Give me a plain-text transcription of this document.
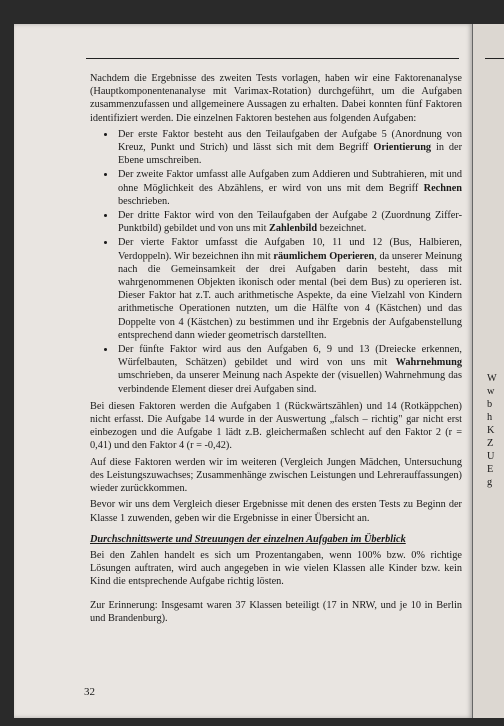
Nachdem die Ergebnisse des zweiten Tests vorlagen, haben wir eine Faktorenanalyse (Hauptkomponentenanalyse mit Varimax-Rotation) durchgeführt, um die Aufgaben zusammenzufassen und allgemeinere Aussagen zu erhalten. Dabei konnten fünf Faktoren identifiziert werden. Die einzelnen Faktoren bestehen aus folgenden Aufgaben:

• Der erste Faktor besteht aus den Teilaufgaben der Aufgabe 5 (Anordnung von Kreuz, Punkt und Strich) und lässt sich mit dem Begriff Orientierung in der Ebene umschreiben.
• Der zweite Faktor umfasst alle Aufgaben zum Addieren und Subtrahieren, mit und ohne Möglichkeit des Abzählens, er wird von uns mit dem Begriff Rechnen beschrieben.
• Der dritte Faktor wird von den Teilaufgaben der Aufgabe 2 (Zuordnung Ziffer-Punktbild) gebildet und von uns mit Zahlenbild bezeichnet.
• Der vierte Faktor umfasst die Aufgaben 10, 11 und 12 (Bus, Halbieren, Verdoppeln). Wir bezeichnen ihn mit räumlichem Operieren, da unserer Meinung nach die Gemeinsamkeit der drei Aufgaben darin besteht, dass mit wahrgenommenen Objekten ikonisch oder mental (bei dem Bus) zu operieren ist. Dieser Faktor hat z.T. auch arithmetische Aspekte, da eine Vielzahl von Kindern arithmetische Operationen nutzten, um die Hälfte von 4 (Kästchen) und das Doppelte von 4 (Kästchen) zu bestimmen und ihr Ergebnis der Aufgabenstellung entsprechend dann wieder geometrisch darstellten.
• Der fünfte Faktor wird aus den Aufgaben 6, 9 und 13 (Dreiecke erkennen, Würfelbauten, Schätzen) gebildet und wird von uns mit Wahrnehmung umschrieben, da unserer Meinung nach Aspekte der (visuellen) Wahrnehmung das verbindende Element dieser drei Aufgaben sind.

Bei diesen Faktoren werden die Aufgaben 1 (Rückwärtszählen) und 14 (Rotkäppchen) nicht erfasst. Die Aufgabe 14 wurde in der Auswertung „falsch – richtig" gar nicht erst einbezogen und die Aufgabe 1 lädt z.B. gleichermaßen schlecht auf den Faktor 2 (r = 0,41) und den Faktor 4 (r = -0,42).

Auf diese Faktoren werden wir im weiteren (Vergleich Jungen Mädchen, Untersuchung des Leistungszuwachses; Zusammenhänge zwischen Leistungen und Lehrerauffassungen) wieder zurückkommen.

Bevor wir uns dem Vergleich dieser Ergebnisse mit denen des ersten Tests zu Beginn der Klasse 1 zuwenden, geben wir die Ergebnisse in einer Übersicht an.

Durchschnittswerte und Streuungen der einzelnen Aufgaben im Überblick

Bei den Zahlen handelt es sich um Prozentangaben, wenn 100% bzw. 0% richtige Lösungen auftraten, wird auch angegeben in wie vielen Klassen alle Kinder bzw. kein Kind die entsprechende Aufgabe richtig lösten.

Zur Erinnerung: Insgesamt waren 37 Klassen beteiligt (17 in NRW, und je 10 in Berlin und Brandenburg).

32
W
w
b
h
K
Z
U
E
g
